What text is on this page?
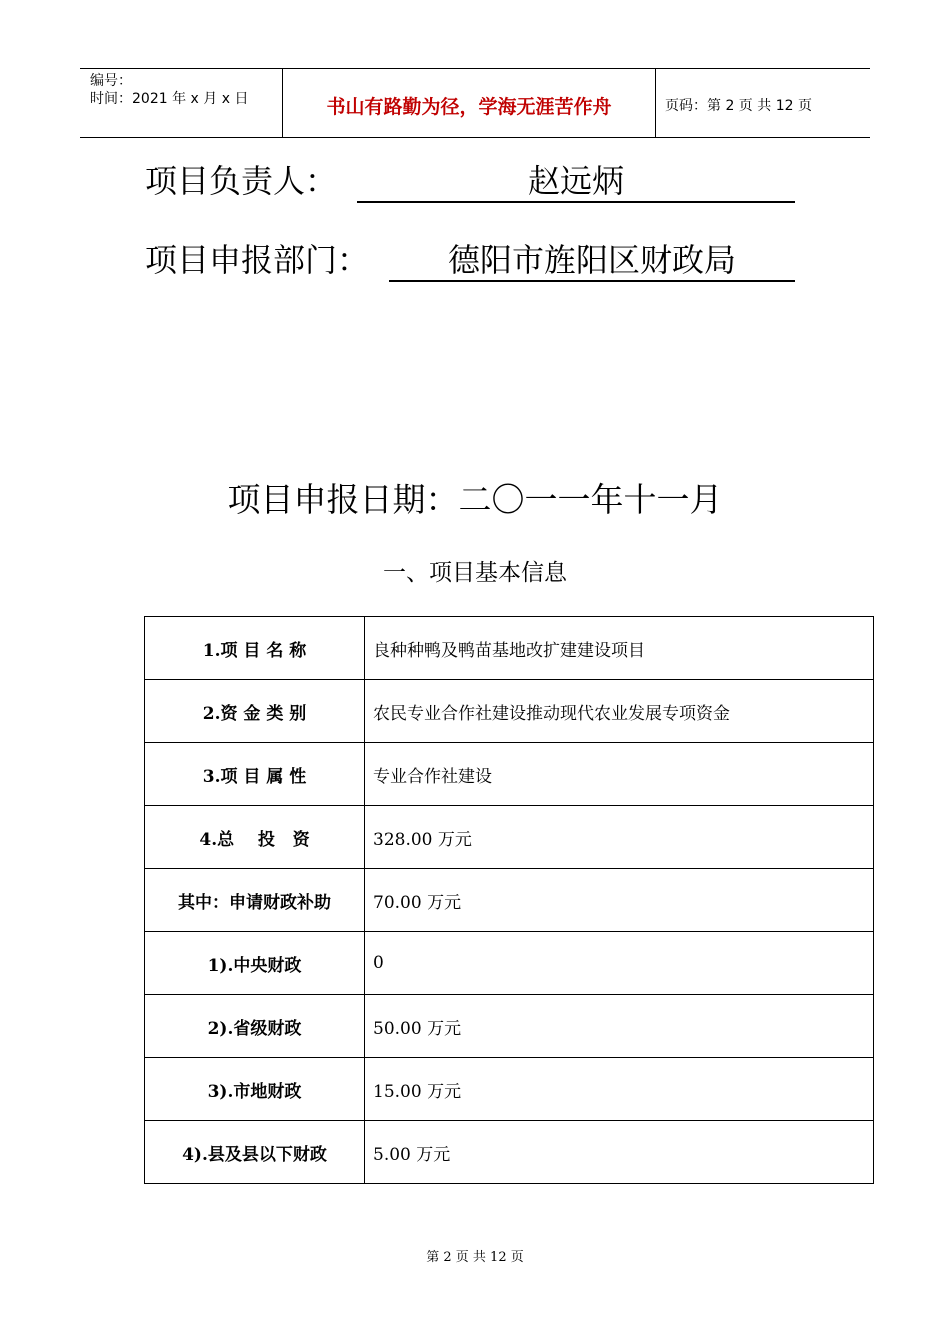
编号：
时间：2021 年 x 月 x 日	书山有路勤为径，学海无涯苦作舟	页码：第 2 页 共 12 页
项目负责人：	赵远炳
项目申报部门：	德阳市旌阳区财政局
项目申报日期：二〇一一年十一月
一、项目基本信息
1.项 目 名 称	良种种鸭及鸭苗基地改扩建建设项目
2.资 金 类 别	农民专业合作社建设推动现代农业发展专项资金
3.项 目 属 性	专业合作社建设
4.总    投   资	328.00 万元
其中：申请财政补助	70.00 万元
1).中央财政	0
2).省级财政	50.00 万元
3).市地财政	15.00 万元
4).县及县以下财政	5.00 万元
第 2 页 共 12 页
